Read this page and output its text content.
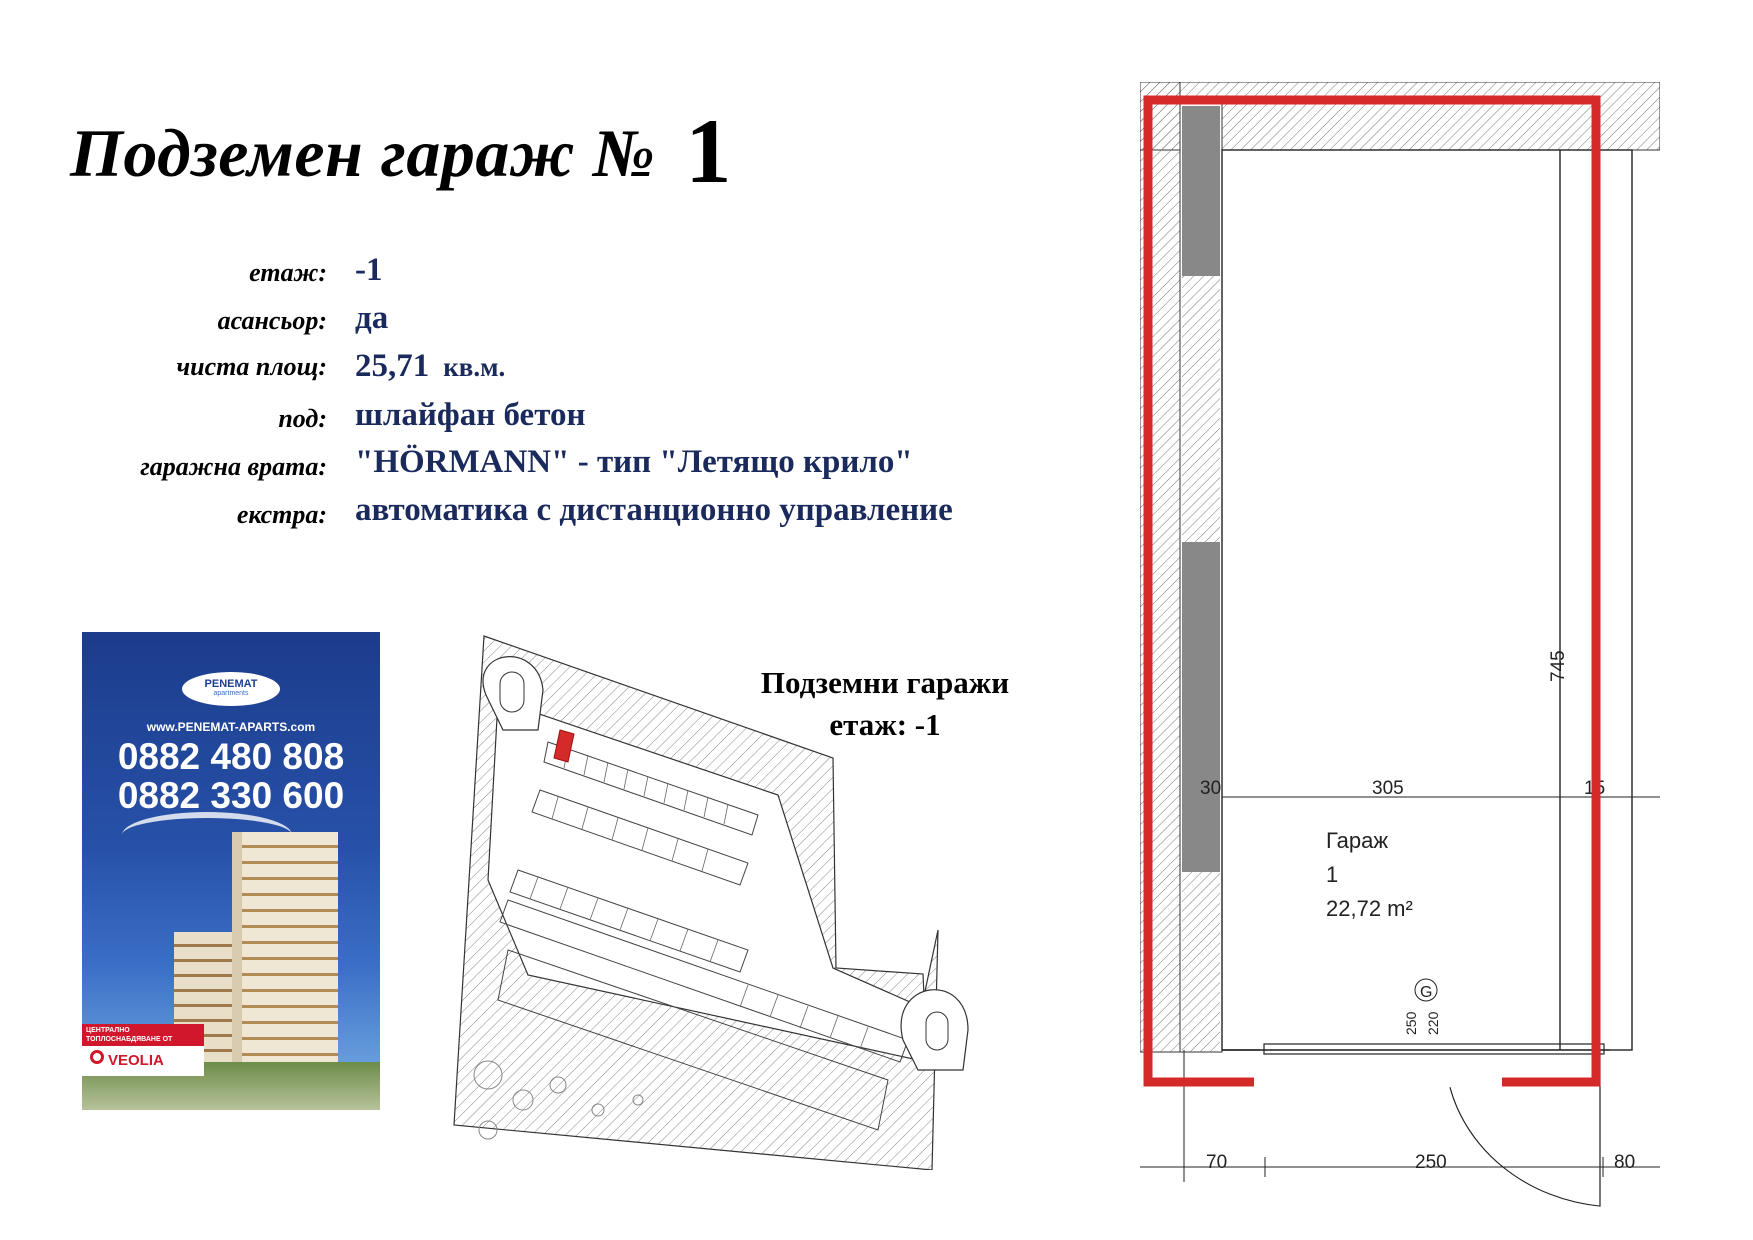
Подземен гараж № 1
етаж: -1
асансьор: да
чиста площ: 25,71 кв.м.
под: шлайфан бетон
гаражна врата: "HÖRMANN" - тип "Летящо крило"
екстра: автоматика с дистанционно управление
PENEMAT
apartments
www.PENEMAT-APARTS.com
0882 480 808
0882 330 600
ЦЕНТРАЛНО
ТОПЛОСНАБДЯВАНЕ ОТ
VEOLIA
Подземни гаражи
етаж: -1
30	305	15
745
70	250	80
250 220
G
Гараж
1
22,72 m²
